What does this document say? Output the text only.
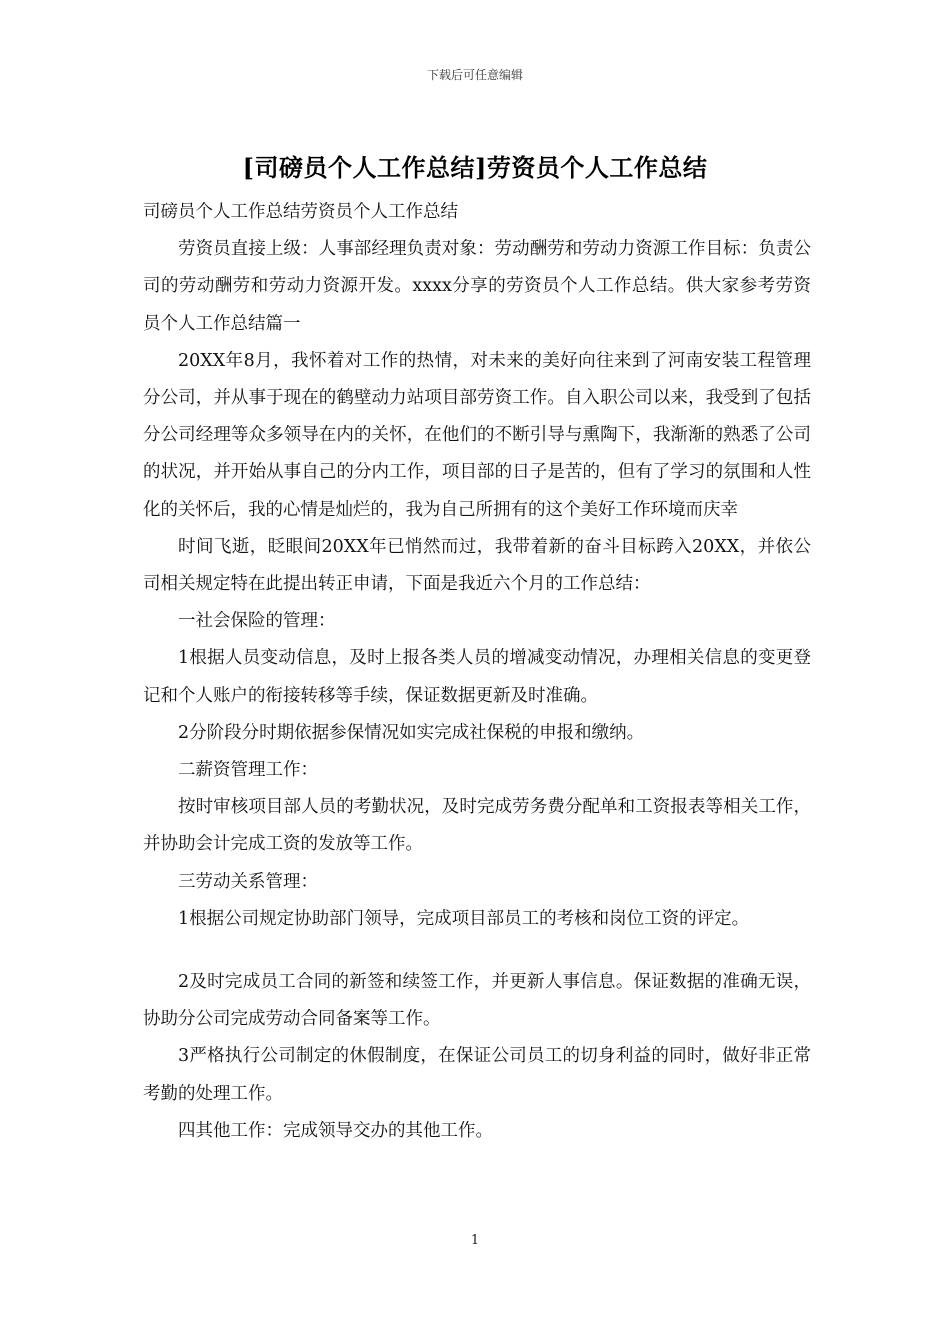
下载后可任意编辑
[司磅员个人工作总结]劳资员个人工作总结

司磅员个人工作总结劳资员个人工作总结

劳资员直接上级：人事部经理负责对象：劳动酬劳和劳动力资源工作目标：负责公司的劳动酬劳和劳动力资源开发。xxxx分享的劳资员个人工作总结。供大家参考劳资员个人工作总结篇一

20XX年8月，我怀着对工作的热情，对未来的美好向往来到了河南安装工程管理分公司，并从事于现在的鹤壁动力站项目部劳资工作。自入职公司以来，我受到了包括分公司经理等众多领导在内的关怀，在他们的不断引导与熏陶下，我渐渐的熟悉了公司的状况，并开始从事自己的分内工作，项目部的日子是苦的，但有了学习的氛围和人性化的关怀后，我的心情是灿烂的，我为自己所拥有的这个美好工作环境而庆幸

时间飞逝，眨眼间20XX年已悄然而过，我带着新的奋斗目标跨入20XX，并依公司相关规定特在此提出转正申请，下面是我近六个月的工作总结：

一社会保险的管理：

1根据人员变动信息，及时上报各类人员的增减变动情况，办理相关信息的变更登记和个人账户的衔接转移等手续，保证数据更新及时准确。

2分阶段分时期依据参保情况如实完成社保税的申报和缴纳。

二薪资管理工作：

按时审核项目部人员的考勤状况，及时完成劳务费分配单和工资报表等相关工作，并协助会计完成工资的发放等工作。

三劳动关系管理：

1根据公司规定协助部门领导，完成项目部员工的考核和岗位工资的评定。

2及时完成员工合同的新签和续签工作，并更新人事信息。保证数据的准确无误，协助分公司完成劳动合同备案等工作。

3严格执行公司制定的休假制度，在保证公司员工的切身利益的同时，做好非正常考勤的处理工作。

四其他工作：完成领导交办的其他工作。

1
